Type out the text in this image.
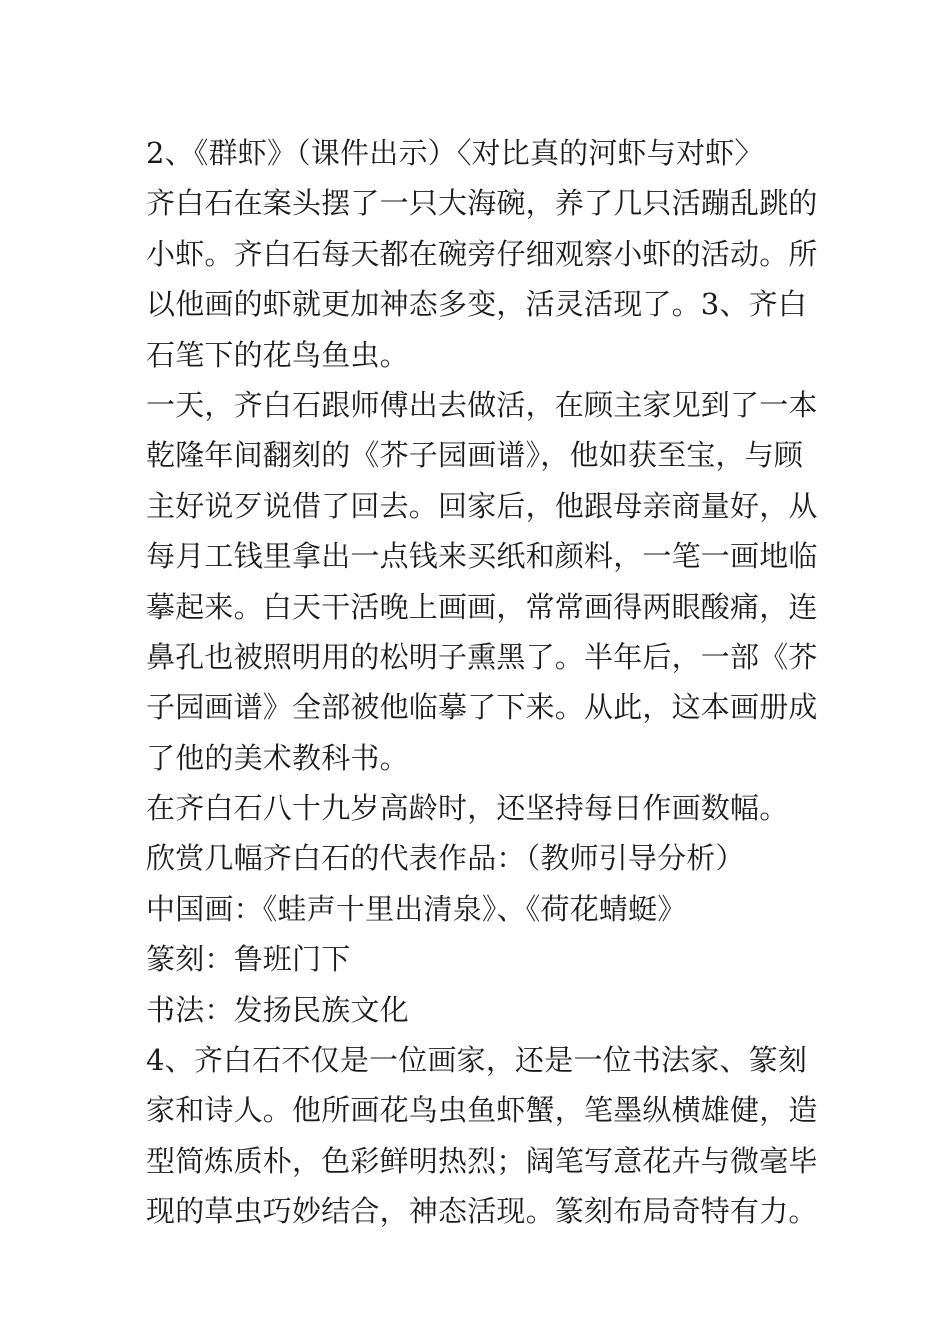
2、《群虾》（课件出示）〈对比真的河虾与对虾〉
齐白石在案头摆了一只大海碗，养了几只活蹦乱跳的
小虾。齐白石每天都在碗旁仔细观察小虾的活动。所
以他画的虾就更加神态多变，活灵活现了。3、齐白
石笔下的花鸟鱼虫。
一天，齐白石跟师傅出去做活，在顾主家见到了一本
乾隆年间翻刻的《芥子园画谱》，他如获至宝，与顾
主好说歹说借了回去。回家后，他跟母亲商量好，从
每月工钱里拿出一点钱来买纸和颜料，一笔一画地临
摹起来。白天干活晚上画画，常常画得两眼酸痛，连
鼻孔也被照明用的松明子熏黑了。半年后，一部《芥
子园画谱》全部被他临摹了下来。从此，这本画册成
了他的美术教科书。
在齐白石八十九岁高龄时，还坚持每日作画数幅。
欣赏几幅齐白石的代表作品：（教师引导分析）
中国画：《蛙声十里出清泉》、《荷花蜻蜓》
篆刻：鲁班门下
书法：发扬民族文化
4、齐白石不仅是一位画家，还是一位书法家、篆刻
家和诗人。他所画花鸟虫鱼虾蟹，笔墨纵横雄健，造
型简炼质朴，色彩鲜明热烈；阔笔写意花卉与微毫毕
现的草虫巧妙结合，神态活现。篆刻布局奇特有力。
